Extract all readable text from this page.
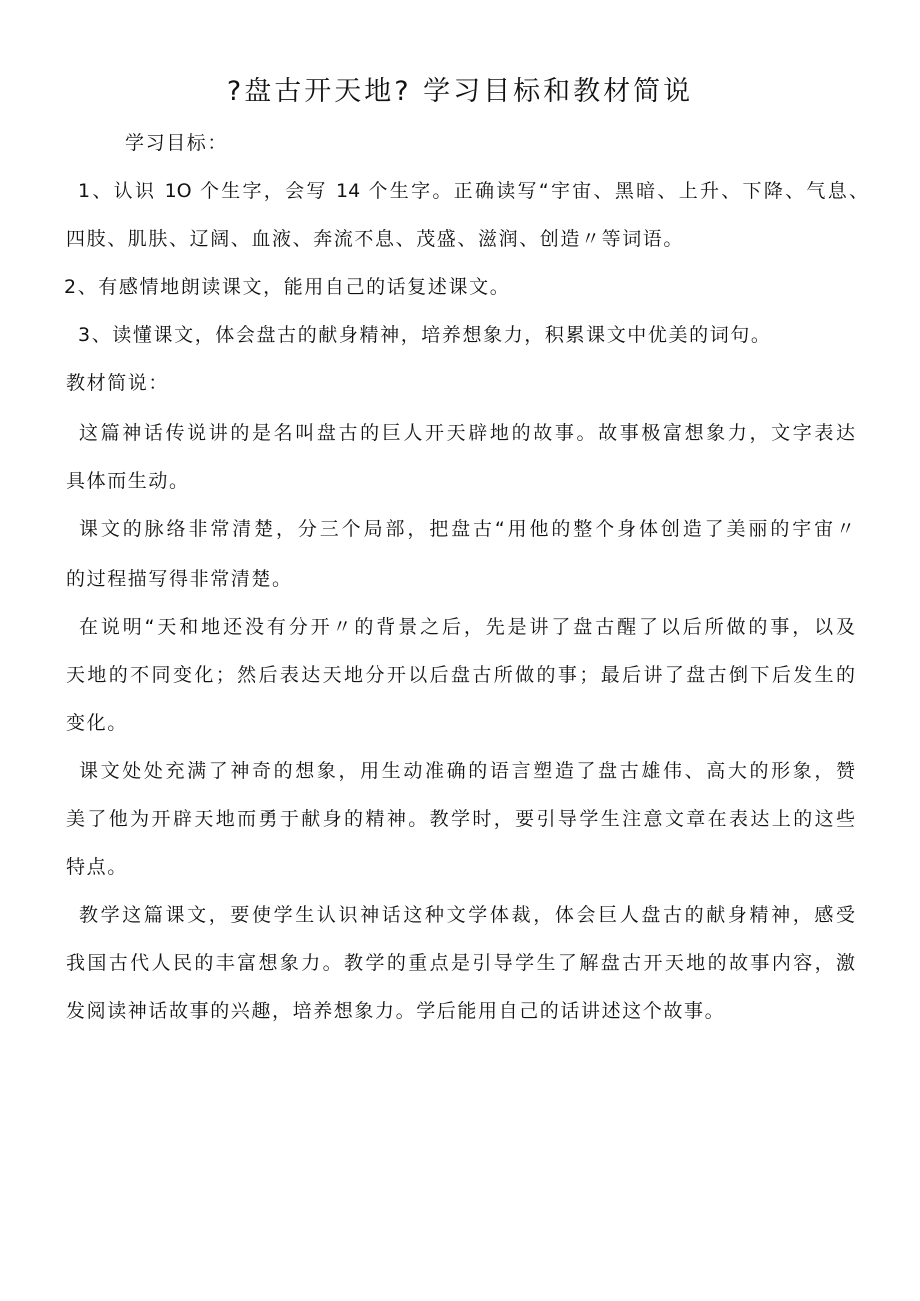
?盘古开天地? 学习目标和教材简说
学习目标：
1、认识 1O 个生字，会写 14 个生字。正确读写“宇宙、黑暗、上升、下降、气息、
四肢、肌肤、辽阔、血液、奔流不息、茂盛、滋润、创造〃等词语。
2、有感情地朗读课文，能用自己的话复述课文。
3、读懂课文，体会盘古的献身精神，培养想象力，积累课文中优美的词句。
教材简说：
这篇神话传说讲的是名叫盘古的巨人开天辟地的故事。故事极富想象力，文字表达
具体而生动。
课文的脉络非常清楚，分三个局部，把盘古“用他的整个身体创造了美丽的宇宙〃
的过程描写得非常清楚。
在说明“天和地还没有分开〃的背景之后，先是讲了盘古醒了以后所做的事，以及
天地的不同变化；然后表达天地分开以后盘古所做的事；最后讲了盘古倒下后发生的
变化。
课文处处充满了神奇的想象，用生动准确的语言塑造了盘古雄伟、高大的形象，赞
美了他为开辟天地而勇于献身的精神。教学时，要引导学生注意文章在表达上的这些
特点。
教学这篇课文，要使学生认识神话这种文学体裁，体会巨人盘古的献身精神，感受
我国古代人民的丰富想象力。教学的重点是引导学生了解盘古开天地的故事内容，激
发阅读神话故事的兴趣，培养想象力。学后能用自己的话讲述这个故事。
